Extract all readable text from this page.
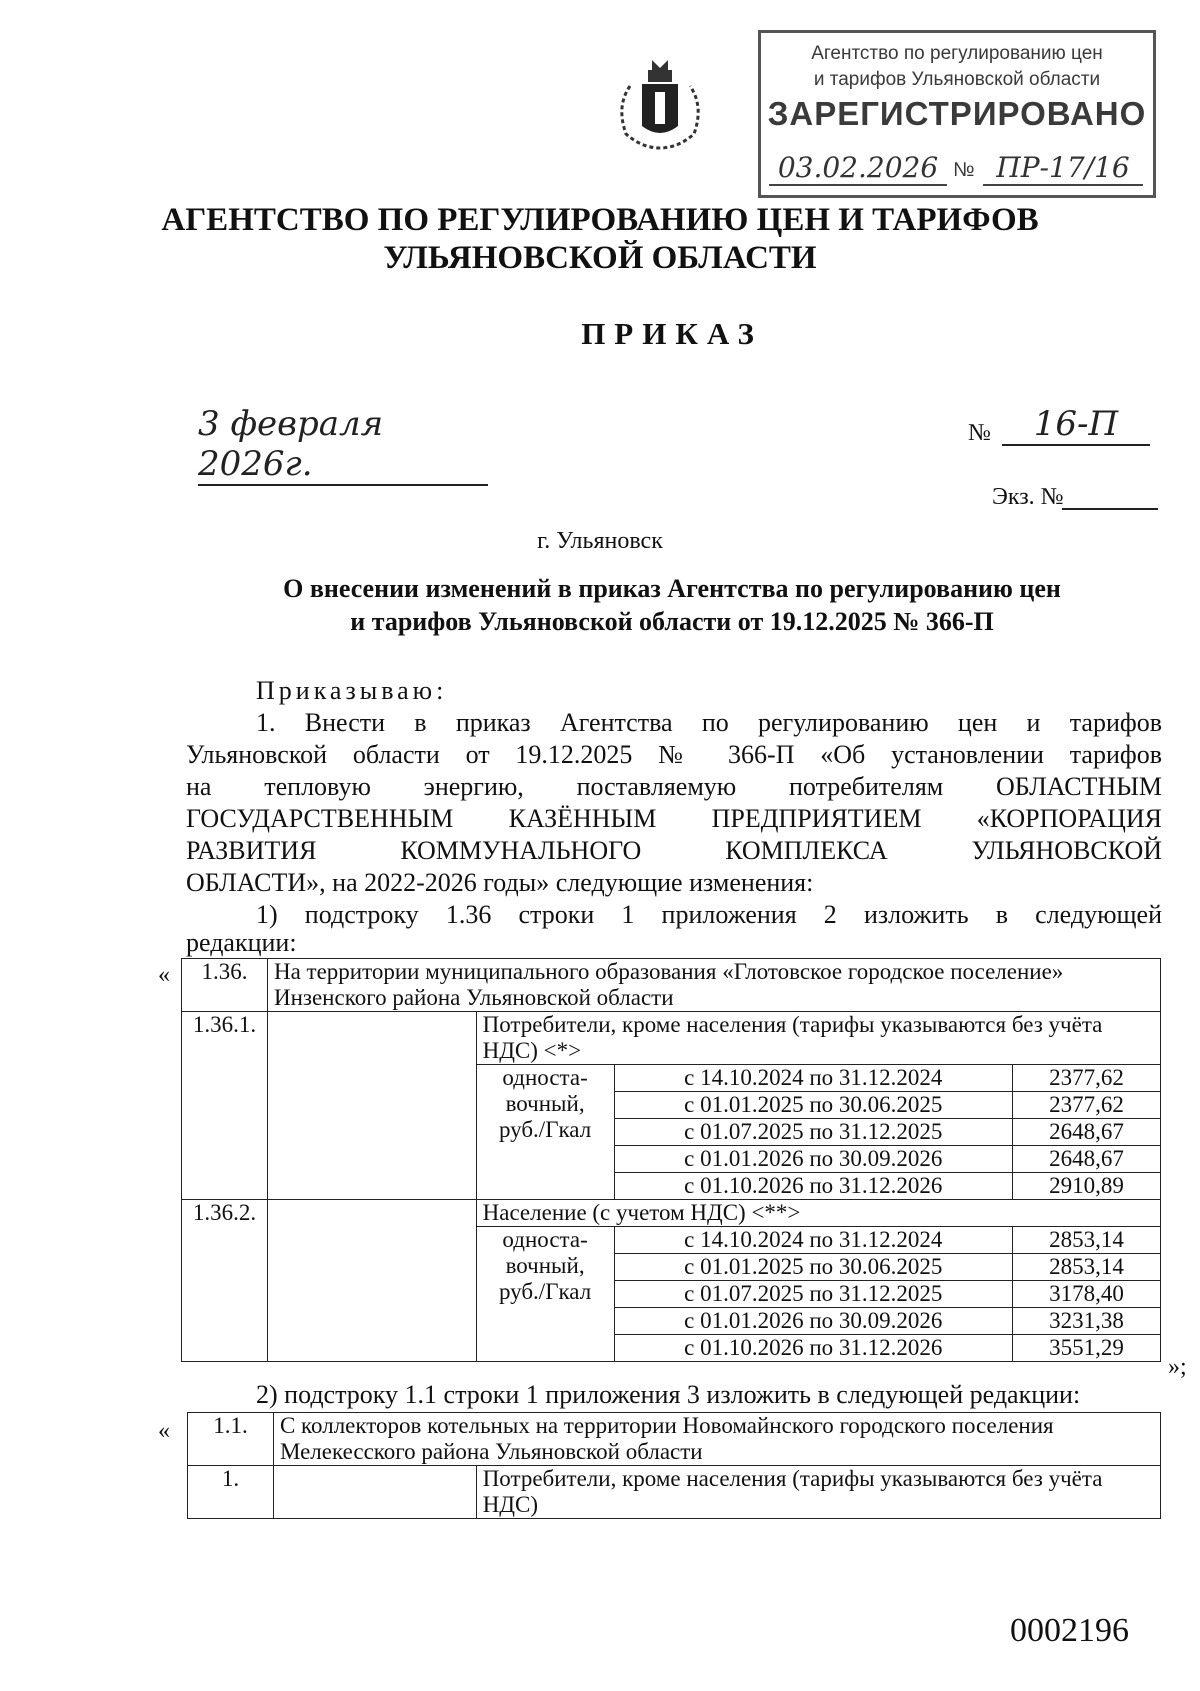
Агентство по регулированию цен
и тарифов Ульяновской области
ЗАРЕГИСТРИРОВАНО
03.02.2026 № ПР-17/16
АГЕНТСТВО ПО РЕГУЛИРОВАНИЮ ЦЕН И ТАРИФОВ
УЛЬЯНОВСКОЙ ОБЛАСТИ
ПРИКАЗ
3 февраля 2026г.
№	16-П
Экз. №
г. Ульяновск
О внесении изменений в приказ Агентства по регулированию цен
и тарифов Ульяновской области от 19.12.2025 № 366-П
Приказываю:
1. Внести в приказ Агентства по регулированию цен и тарифов
Ульяновской области от 19.12.2025 № 366-П «Об установлении тарифов
на тепловую энергию, поставляемую потребителям ОБЛАСТНЫМ
ГОСУДАРСТВЕННЫМ КАЗЁННЫМ ПРЕДПРИЯТИЕМ «КОРПОРАЦИЯ
РАЗВИТИЯ КОММУНАЛЬНОГО КОМПЛЕКСА УЛЬЯНОВСКОЙ
ОБЛАСТИ», на 2022-2026 годы» следующие изменения:
1) подстроку 1.36 строки 1 приложения 2 изложить в следующей
редакции:
« 1.36.	На территории муниципального образования «Глотовское городское поселение» Инзенского района Ульяновской области			
1.36.1.		Потребители, кроме населения (тарифы указываются без учёта НДС) <*>		
		односта-вочный, руб./Гкал	с 14.10.2024 по 31.12.2024	2377,62
			с 01.01.2025 по 30.06.2025	2377,62
			с 01.07.2025 по 31.12.2025	2648,67
			с 01.01.2026 по 30.09.2026	2648,67
			с 01.10.2026 по 31.12.2026	2910,89
1.36.2.		Население (с учетом НДС) <**>		
		односта-вочный, руб./Гкал	с 14.10.2024 по 31.12.2024	2853,14
			с 01.01.2025 по 30.06.2025	2853,14
			с 01.07.2025 по 31.12.2025	3178,40
			с 01.01.2026 по 30.09.2026	3231,38
			с 01.10.2026 по 31.12.2026	3551,29
»;
2) подстроку 1.1 строки 1 приложения 3 изложить в следующей редакции:
« 1.1.	С коллекторов котельных на территории Новомайнского городского поселения Мелекесского района Ульяновской области	
1.		Потребители, кроме населения (тарифы указываются без учёта НДС)
0002196
